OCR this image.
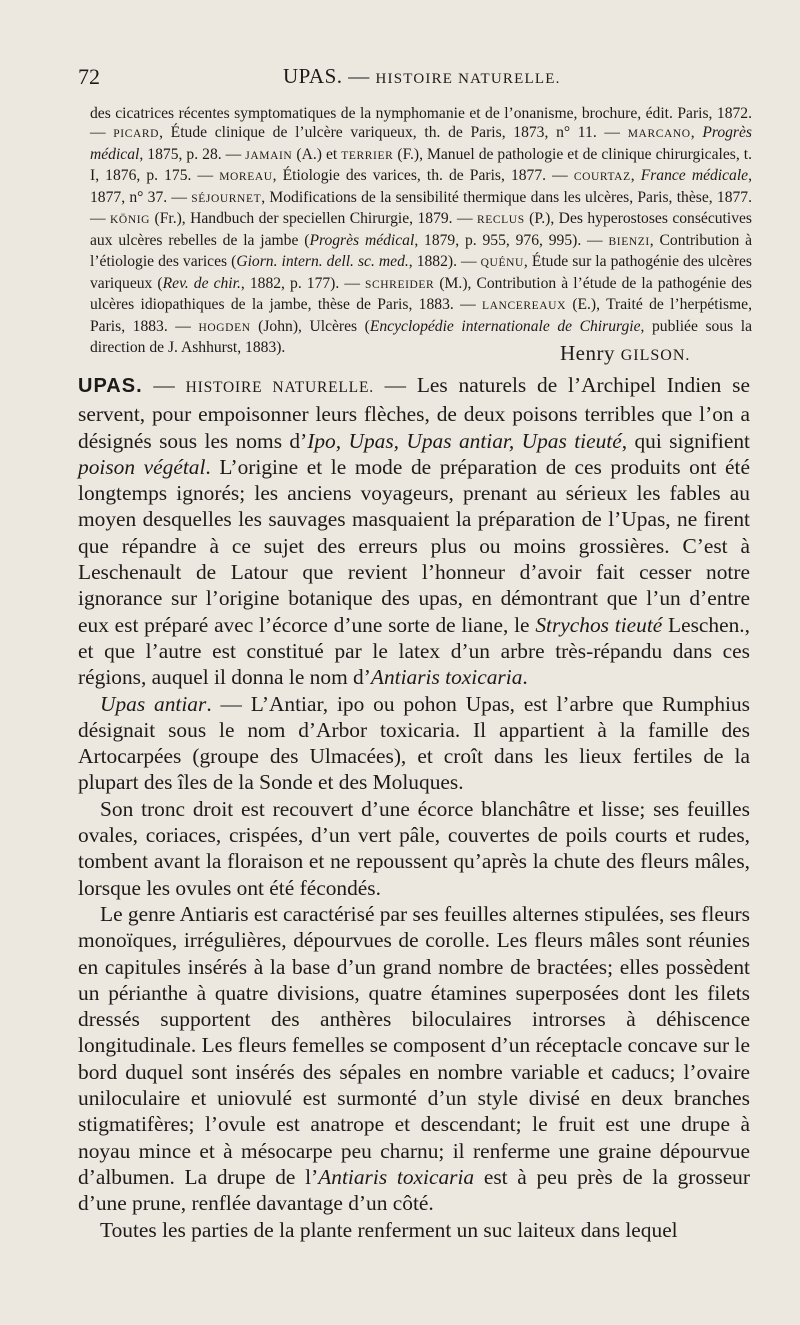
72	UPAS. — HISTOIRE NATURELLE.
des cicatrices récentes symptomatiques de la nymphomanie et de l’onanisme, brochure, édit. Paris, 1872. — PICARD, Étude clinique de l’ulcère variqueux, th. de Paris, 1873, n° 11. — MARCANO, Progrès médical, 1875, p. 28. — JAMAIN (A.) et TERRIER (F.), Manuel de pathologie et de clinique chirurgicales, t. I, 1876, p. 175. — MOREAU, Étiologie des varices, th. de Paris, 1877. — COURTAZ, France médicale, 1877, n° 37. — SÉJOURNET, Modifications de la sensibilité thermique dans les ulcères, Paris, thèse, 1877. — KÖNIG (Fr.), Handbuch der speciellen Chirurgie, 1879. — RECLUS (P.), Des hyperostoses consécutives aux ulcères rebelles de la jambe (Progrès médical, 1879, p. 955, 976, 995). — BIENZI, Contribution à l’étiologie des varices (Giorn. intern. dell. sc. med., 1882). — QUÉNU, Étude sur la pathogénie des ulcères variqueux (Rev. de chir., 1882, p. 177). — SCHREIDER (M.), Contribution à l’étude de la pathogénie des ulcères idiopathiques de la jambe, thèse de Paris, 1883. — LANCEREAUX (E.), Traité de l’herpétisme, Paris, 1883. — HOGDEN (John), Ulcères (Encyclopédie internationale de Chirurgie, publiée sous la direction de J. Ashhurst, 1883).	Henry GILSON.

UPAS. — HISTOIRE NATURELLE. — Les naturels de l’Archipel Indien se servent, pour empoisonner leurs flèches, de deux poisons terribles que l’on a désignés sous les noms d’Ipo, Upas, Upas antiar, Upas tieuté, qui signifient poison végétal. L’origine et le mode de préparation de ces produits ont été longtemps ignorés; les anciens voyageurs, prenant au sérieux les fables au moyen desquelles les sauvages masquaient la préparation de l’Upas, ne firent que répandre à ce sujet des erreurs plus ou moins grossières. C’est à Leschenault de Latour que revient l’honneur d’avoir fait cesser notre ignorance sur l’origine botanique des upas, en démontrant que l’un d’entre eux est préparé avec l’écorce d’une sorte de liane, le Strychos tieuté Leschen., et que l’autre est constitué par le latex d’un arbre très-répandu dans ces régions, auquel il donna le nom d’Antiaris toxicaria.

Upas antiar. — L’Antiar, ipo ou pohon Upas, est l’arbre que Rumphius désignait sous le nom d’Arbor toxicaria. Il appartient à la famille des Artocarpées (groupe des Ulmacées), et croît dans les lieux fertiles de la plupart des îles de la Sonde et des Moluques.

Son tronc droit est recouvert d’une écorce blanchâtre et lisse; ses feuilles ovales, coriaces, crispées, d’un vert pâle, couvertes de poils courts et rudes, tombent avant la floraison et ne repoussent qu’après la chute des fleurs mâles, lorsque les ovules ont été fécondés.

Le genre Antiaris est caractérisé par ses feuilles alternes stipulées, ses fleurs monoïques, irrégulières, dépourvues de corolle. Les fleurs mâles sont réunies en capitules insérés à la base d’un grand nombre de bractées; elles possèdent un périanthe à quatre divisions, quatre étamines superposées dont les filets dressés supportent des anthères biloculaires introrses à déhiscence longitudinale. Les fleurs femelles se composent d’un réceptacle concave sur le bord duquel sont insérés des sépales en nombre variable et caducs; l’ovaire uniloculaire et uniovulé est surmonté d’un style divisé en deux branches stigmatifères; l’ovule est anatrope et descendant; le fruit est une drupe à noyau mince et à mésocarpe peu charnu; il renferme une graine dépourvue d’albumen. La drupe de l’Antiaris toxicaria est à peu près de la grosseur d’une prune, renflée davantage d’un côté.

Toutes les parties de la plante renferment un suc laiteux dans lequel
